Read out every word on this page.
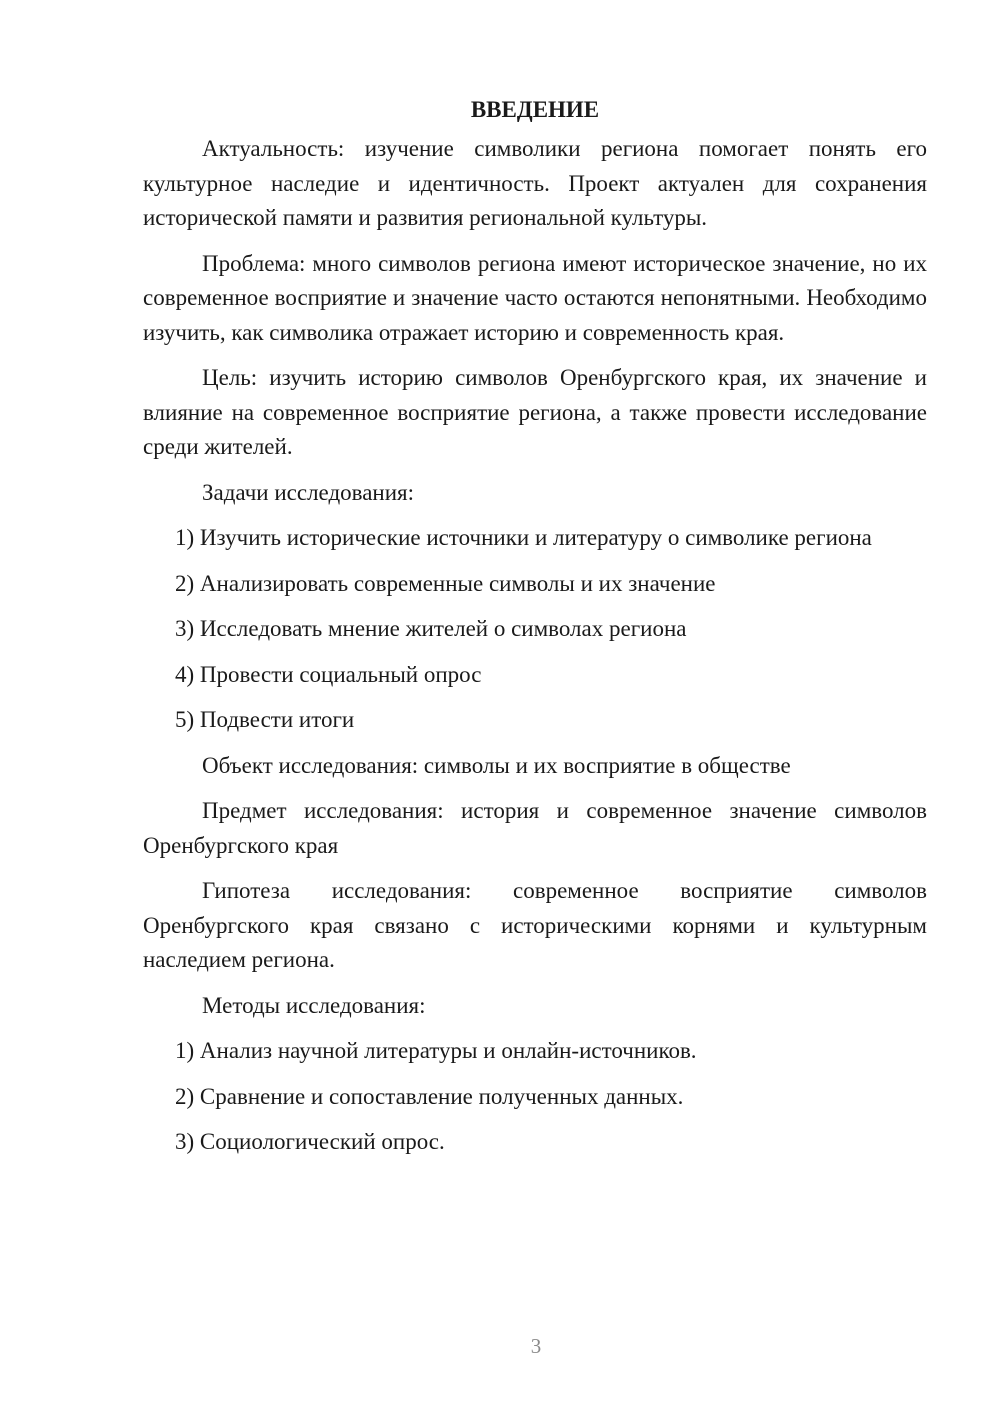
ВВЕДЕНИЕ

Актуальность: изучение символики региона помогает понять его культурное наследие и идентичность. Проект актуален для сохранения исторической памяти и развития региональной культуры.

Проблема: много символов региона имеют историческое значение, но их современное восприятие и значение часто остаются непонятными. Необходимо изучить, как символика отражает историю и современность края.

Цель: изучить историю символов Оренбургского края, их значение и влияние на современное восприятие региона, а также провести исследование среди жителей.

Задачи исследования:

1) Изучить исторические источники и литературу о символике региона

2) Анализировать современные символы и их значение

3) Исследовать мнение жителей о символах региона

4) Провести социальный опрос

5) Подвести итоги

Объект исследования: символы и их восприятие в обществе

Предмет исследования: история и современное значение символов Оренбургского края

Гипотеза исследования: современное восприятие символов Оренбургского края связано с историческими корнями и культурным наследием региона.

Методы исследования:

1) Анализ научной литературы и онлайн-источников.

2) Сравнение и сопоставление полученных данных.

3) Социологический опрос.

3
